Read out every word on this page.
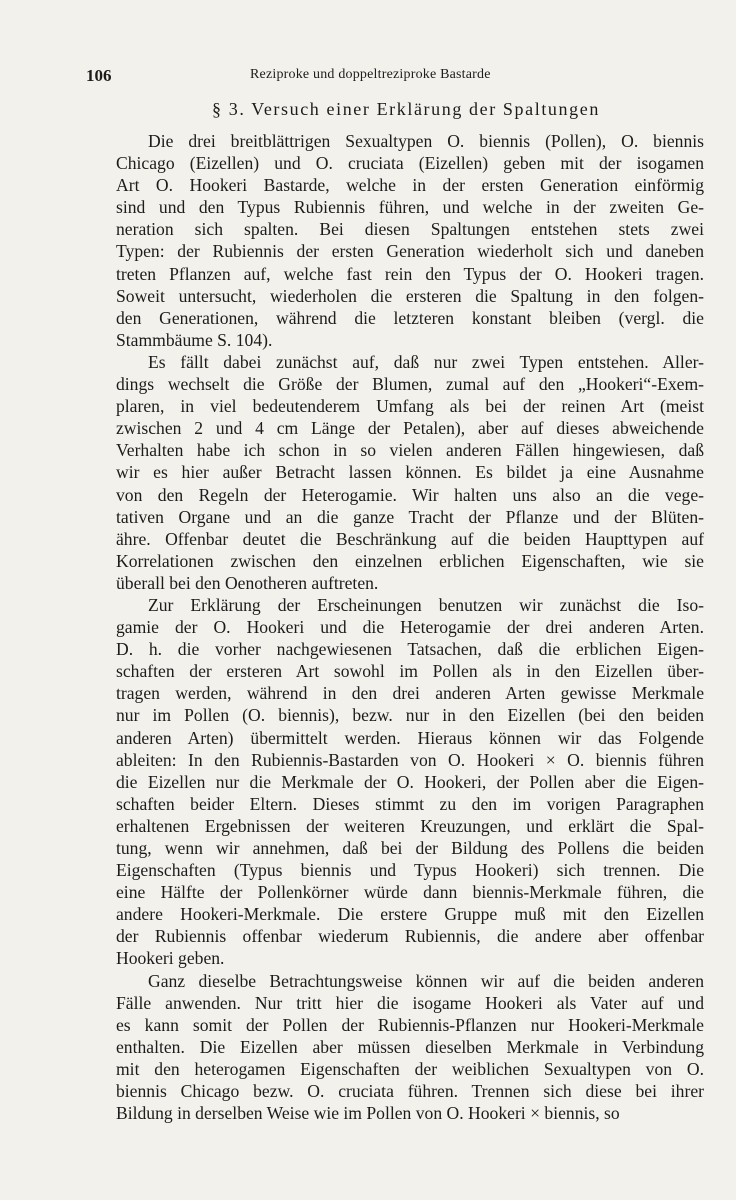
106	Reziproke und doppeltreziproke Bastarde
§ 3. Versuch einer Erklärung der Spaltungen

Die drei breitblättrigen Sexualtypen O. biennis (Pollen), O. biennis
Chicago (Eizellen) und O. cruciata (Eizellen) geben mit der isogamen
Art O. Hookeri Bastarde, welche in der ersten Generation einförmig
sind und den Typus Rubiennis führen, und welche in der zweiten Ge-
neration sich spalten. Bei diesen Spaltungen entstehen stets zwei
Typen: der Rubiennis der ersten Generation wiederholt sich und daneben
treten Pflanzen auf, welche fast rein den Typus der O. Hookeri tragen.
Soweit untersucht, wiederholen die ersteren die Spaltung in den folgen-
den Generationen, während die letzteren konstant bleiben (vergl. die
Stammbäume S. 104).

Es fällt dabei zunächst auf, daß nur zwei Typen entstehen. Aller-
dings wechselt die Größe der Blumen, zumal auf den „Hookeri“-Exem-
plaren, in viel bedeutenderem Umfang als bei der reinen Art (meist
zwischen 2 und 4 cm Länge der Petalen), aber auf dieses abweichende
Verhalten habe ich schon in so vielen anderen Fällen hingewiesen, daß
wir es hier außer Betracht lassen können. Es bildet ja eine Ausnahme
von den Regeln der Heterogamie. Wir halten uns also an die vege-
tativen Organe und an die ganze Tracht der Pflanze und der Blüten-
ähre. Offenbar deutet die Beschränkung auf die beiden Haupttypen auf
Korrelationen zwischen den einzelnen erblichen Eigenschaften, wie sie
überall bei den Oenotheren auftreten.

Zur Erklärung der Erscheinungen benutzen wir zunächst die Iso-
gamie der O. Hookeri und die Heterogamie der drei anderen Arten.
D. h. die vorher nachgewiesenen Tatsachen, daß die erblichen Eigen-
schaften der ersteren Art sowohl im Pollen als in den Eizellen über-
tragen werden, während in den drei anderen Arten gewisse Merkmale
nur im Pollen (O. biennis), bezw. nur in den Eizellen (bei den beiden
anderen Arten) übermittelt werden. Hieraus können wir das Folgende
ableiten: In den Rubiennis-Bastarden von O. Hookeri × O. biennis führen
die Eizellen nur die Merkmale der O. Hookeri, der Pollen aber die Eigen-
schaften beider Eltern. Dieses stimmt zu den im vorigen Paragraphen
erhaltenen Ergebnissen der weiteren Kreuzungen, und erklärt die Spal-
tung, wenn wir annehmen, daß bei der Bildung des Pollens die beiden
Eigenschaften (Typus biennis und Typus Hookeri) sich trennen. Die
eine Hälfte der Pollenkörner würde dann biennis-Merkmale führen, die
andere Hookeri-Merkmale. Die erstere Gruppe muß mit den Eizellen
der Rubiennis offenbar wiederum Rubiennis, die andere aber offenbar
Hookeri geben.

Ganz dieselbe Betrachtungsweise können wir auf die beiden anderen
Fälle anwenden. Nur tritt hier die isogame Hookeri als Vater auf und
es kann somit der Pollen der Rubiennis-Pflanzen nur Hookeri-Merkmale
enthalten. Die Eizellen aber müssen dieselben Merkmale in Verbindung
mit den heterogamen Eigenschaften der weiblichen Sexualtypen von O.
biennis Chicago bezw. O. cruciata führen. Trennen sich diese bei ihrer
Bildung in derselben Weise wie im Pollen von O. Hookeri × biennis, so
